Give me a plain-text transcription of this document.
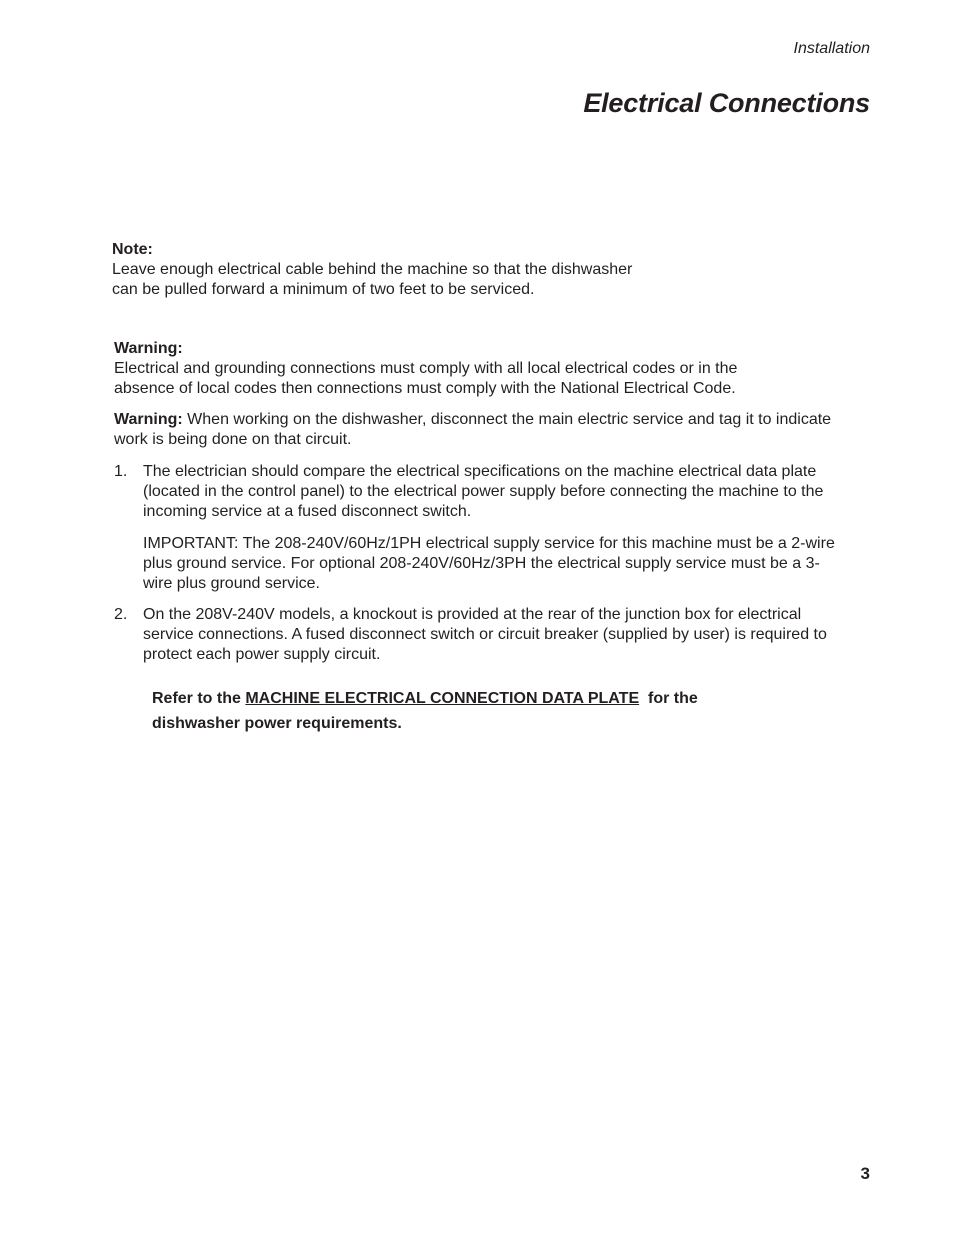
Installation
Electrical Connections
Note:
Leave enough electrical cable behind the machine so that the dishwasher
can be pulled forward a minimum of two feet to be serviced.
Warning:
Electrical and grounding connections must comply with all local electrical codes or in the
absence of local codes then connections must comply with the National Electrical Code.

Warning: When working on the dishwasher, disconnect the main electric service and tag it to indicate work is being done on that circuit.

1. The electrician should compare the electrical specifications on the machine electrical data plate (located in the control panel) to the electrical power supply before connecting the machine to the incoming service at a fused disconnect switch.

IMPORTANT: The 208-240V/60Hz/1PH electrical supply service for this machine must be a 2-wire plus ground service. For optional 208-240V/60Hz/3PH the electrical supply service must be a 3-wire plus ground service.

2. On the 208V-240V models, a knockout is provided at the rear of the junction box for electrical service connections. A fused disconnect switch or circuit breaker (supplied by user) is required to protect each power supply circuit.

Refer to the MACHINE ELECTRICAL CONNECTION DATA PLATE  for the
dishwasher power requirements.
3
